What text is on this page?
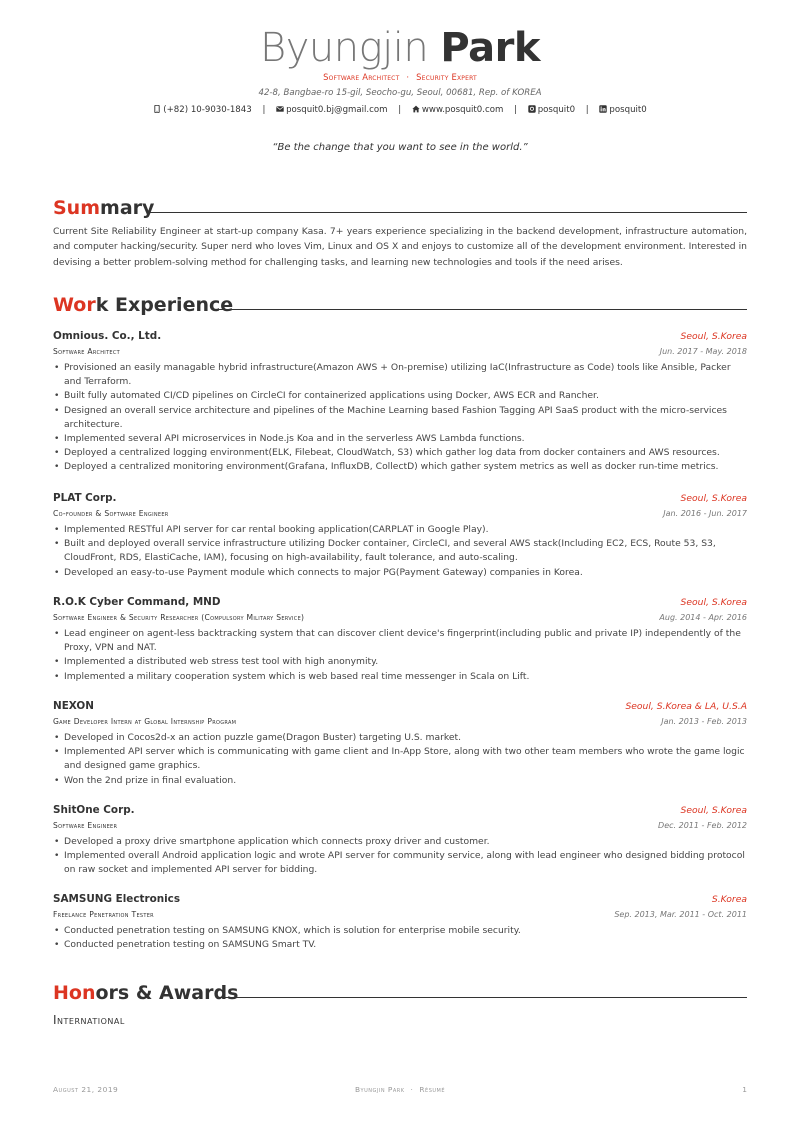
Byungjin Park
Software Architect · Security Expert
42-8, Bangbae-ro 15-gil, Seocho-gu, Seoul, 00681, Rep. of KOREA
(+82) 10-9030-1843 | posquit0.bj@gmail.com | www.posquit0.com | posquit0 | posquit0
“Be the change that you want to see in the world.”
Summary
Current Site Reliability Engineer at start-up company Kasa. 7+ years experience specializing in the backend development, infrastructure automation, and computer hacking/security. Super nerd who loves Vim, Linux and OS X and enjoys to customize all of the development environment. Interested in devising a better problem-solving method for challenging tasks, and learning new technologies and tools if the need arises.
Work Experience
Omnious. Co., Ltd.	Seoul, S.Korea
Software Architect	Jun. 2017 - May. 2018
• Provisioned an easily managable hybrid infrastructure(Amazon AWS + On-premise) utilizing IaC(Infrastructure as Code) tools like Ansible, Packer and Terraform.
• Built fully automated CI/CD pipelines on CircleCI for containerized applications using Docker, AWS ECR and Rancher.
• Designed an overall service architecture and pipelines of the Machine Learning based Fashion Tagging API SaaS product with the micro-services architecture.
• Implemented several API microservices in Node.js Koa and in the serverless AWS Lambda functions.
• Deployed a centralized logging environment(ELK, Filebeat, CloudWatch, S3) which gather log data from docker containers and AWS resources.
• Deployed a centralized monitoring environment(Grafana, InfluxDB, CollectD) which gather system metrics as well as docker run-time metrics.
PLAT Corp.	Seoul, S.Korea
Co-founder & Software Engineer	Jan. 2016 - Jun. 2017
• Implemented RESTful API server for car rental booking application(CARPLAT in Google Play).
• Built and deployed overall service infrastructure utilizing Docker container, CircleCI, and several AWS stack(Including EC2, ECS, Route 53, S3, CloudFront, RDS, ElastiCache, IAM), focusing on high-availability, fault tolerance, and auto-scaling.
• Developed an easy-to-use Payment module which connects to major PG(Payment Gateway) companies in Korea.
R.O.K Cyber Command, MND	Seoul, S.Korea
Software Engineer & Security Researcher (Compulsory Military Service)	Aug. 2014 - Apr. 2016
• Lead engineer on agent-less backtracking system that can discover client device's fingerprint(including public and private IP) independently of the Proxy, VPN and NAT.
• Implemented a distributed web stress test tool with high anonymity.
• Implemented a military cooperation system which is web based real time messenger in Scala on Lift.
NEXON	Seoul, S.Korea & LA, U.S.A
Game Developer Intern at Global Internship Program	Jan. 2013 - Feb. 2013
• Developed in Cocos2d-x an action puzzle game(Dragon Buster) targeting U.S. market.
• Implemented API server which is communicating with game client and In-App Store, along with two other team members who wrote the game logic and designed game graphics.
• Won the 2nd prize in final evaluation.
ShitOne Corp.	Seoul, S.Korea
Software Engineer	Dec. 2011 - Feb. 2012
• Developed a proxy drive smartphone application which connects proxy driver and customer.
• Implemented overall Android application logic and wrote API server for community service, along with lead engineer who designed bidding protocol on raw socket and implemented API server for bidding.
SAMSUNG Electronics	S.Korea
Freelance Penetration Tester	Sep. 2013, Mar. 2011 - Oct. 2011
• Conducted penetration testing on SAMSUNG KNOX, which is solution for enterprise mobile security.
• Conducted penetration testing on SAMSUNG Smart TV.
Honors & Awards
International
August 21, 2019	Byungjin Park · Résumé	1
